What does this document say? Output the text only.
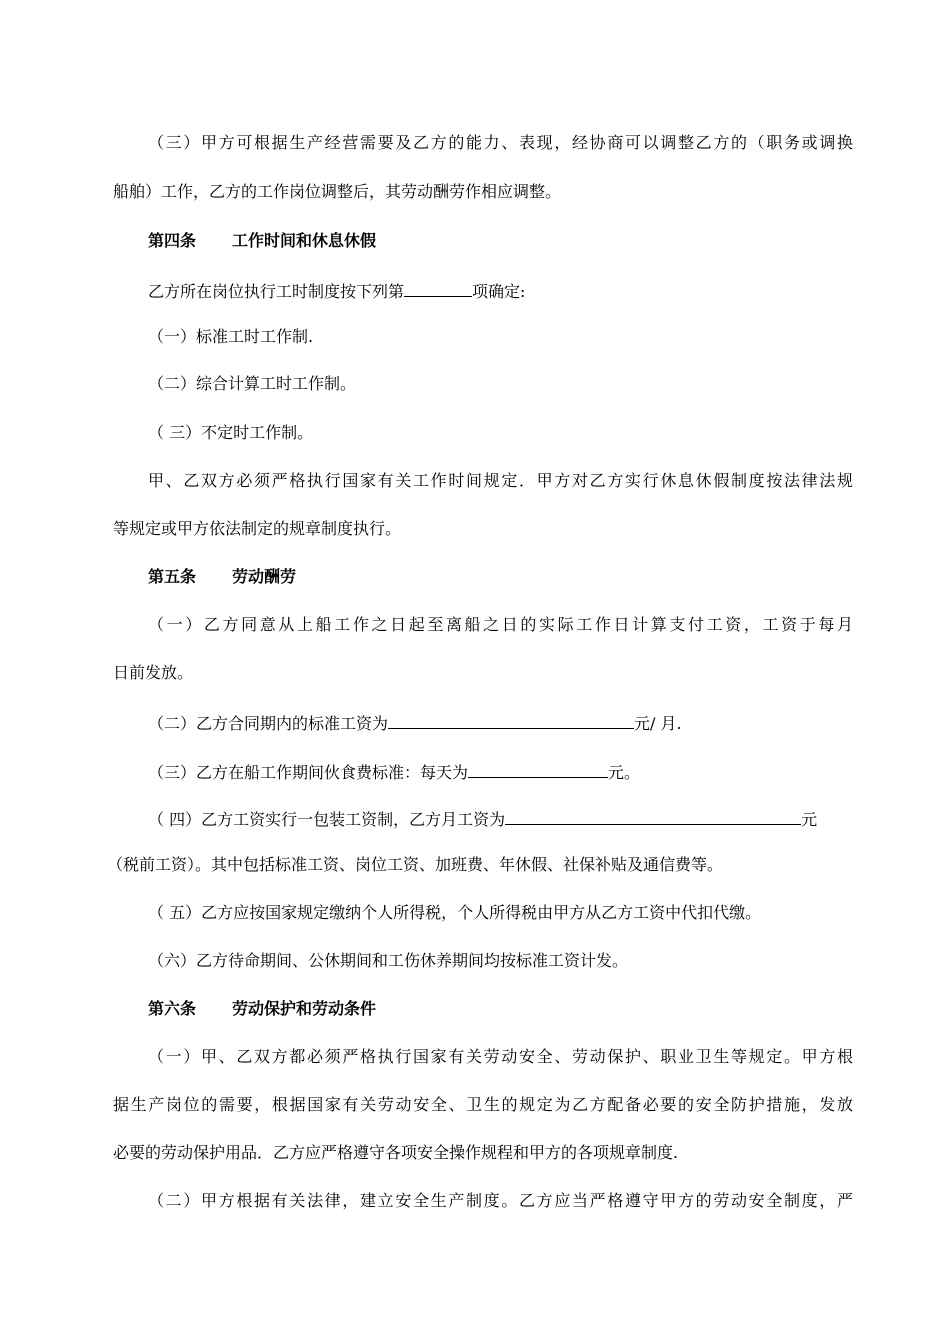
（三）甲方可根据生产经营需要及乙方的能力、表现，经协商可以调整乙方的（职务或调换
船舶）工作，乙方的工作岗位调整后，其劳动酬劳作相应调整。
第四条 工作时间和休息休假
乙方所在岗位执行工时制度按下列第	项确定:
（一）标准工时工作制.
（二）综合计算工时工作制。
（ 三）不定时工作制。
甲、乙双方必须严格执行国家有关工作时间规定．甲方对乙方实行休息休假制度按法律法规
等规定或甲方依法制定的规章制度执行。
第五条 劳动酬劳
（一）乙方同意从上船工作之日起至离船之日的实际工作日计算支付工资，工资于每月
日前发放。
（二）乙方合同期内的标准工资为	元/ 月.
（三）乙方在船工作期间伙食费标准：每天为	元。
（ 四）乙方工资实行一包装工资制，乙方月工资为	元
（税前工资）。其中包括标准工资、岗位工资、加班费、年休假、社保补贴及通信费等。
（ 五）乙方应按国家规定缴纳个人所得税，个人所得税由甲方从乙方工资中代扣代缴。
（六）乙方待命期间、公休期间和工伤休养期间均按标准工资计发。
第六条 劳动保护和劳动条件
（一）甲、乙双方都必须严格执行国家有关劳动安全、劳动保护、职业卫生等规定。甲方根
据生产岗位的需要，根据国家有关劳动安全、卫生的规定为乙方配备必要的安全防护措施，发放
必要的劳动保护用品．乙方应严格遵守各项安全操作规程和甲方的各项规章制度.
（二）甲方根据有关法律，建立安全生产制度。乙方应当严格遵守甲方的劳动安全制度，严
